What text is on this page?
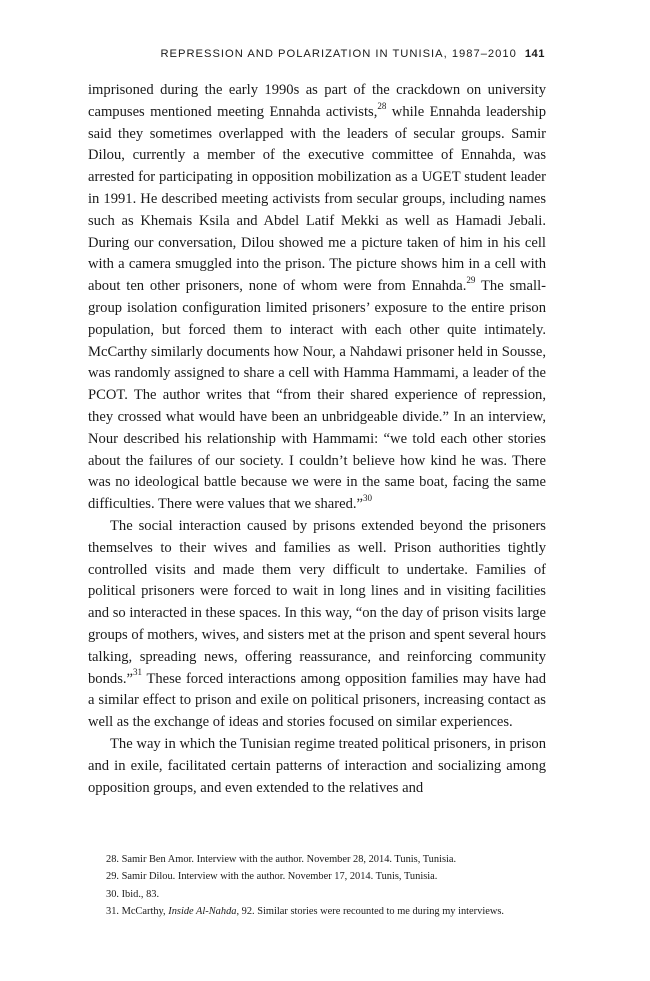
REPRESSION AND POLARIZATION IN TUNISIA, 1987–2010 141

imprisoned during the early 1990s as part of the crackdown on university campuses mentioned meeting Ennahda activists,$^{28}$ while Ennahda leadership said they sometimes overlapped with the leaders of secular groups. Samir Dilou, currently a member of the executive committee of Ennahda, was arrested for participating in opposition mobilization as a UGET student leader in 1991. He described meeting activists from secular groups, including names such as Khemais Ksila and Abdel Latif Mekki as well as Hamadi Jebali. During our conversation, Dilou showed me a picture taken of him in his cell with a camera smuggled into the prison. The picture shows him in a cell with about ten other prisoners, none of whom were from Ennahda.$^{29}$ The small-group isolation configuration limited prisoners’ exposure to the entire prison population, but forced them to interact with each other quite intimately. McCarthy similarly documents how Nour, a Nahdawi prisoner held in Sousse, was randomly assigned to share a cell with Hamma Hammami, a leader of the PCOT. The author writes that “from their shared experience of repression, they crossed what would have been an unbridgeable divide.” In an interview, Nour described his relationship with Hammami: “we told each other stories about the failures of our society. I couldn’t believe how kind he was. There was no ideological battle because we were in the same boat, facing the same difficulties. There were values that we shared.”$^{30}$

The social interaction caused by prisons extended beyond the prisoners themselves to their wives and families as well. Prison authorities tightly controlled visits and made them very difficult to undertake. Families of political prisoners were forced to wait in long lines and in visiting facilities and so interacted in these spaces. In this way, “on the day of prison visits large groups of mothers, wives, and sisters met at the prison and spent several hours talking, spreading news, offering reassurance, and reinforcing community bonds.”$^{31}$ These forced interactions among opposition families may have had a similar effect to prison and exile on political prisoners, increasing contact as well as the exchange of ideas and stories focused on similar experiences.

The way in which the Tunisian regime treated political prisoners, in prison and in exile, facilitated certain patterns of interaction and socializing among opposition groups, and even extended to the relatives and

28. Samir Ben Amor. Interview with the author. November 28, 2014. Tunis, Tunisia.

29. Samir Dilou. Interview with the author. November 17, 2014. Tunis, Tunisia.

30. Ibid., 83.

31. McCarthy, Inside Al-Nahda, 92. Similar stories were recounted to me during my interviews.
